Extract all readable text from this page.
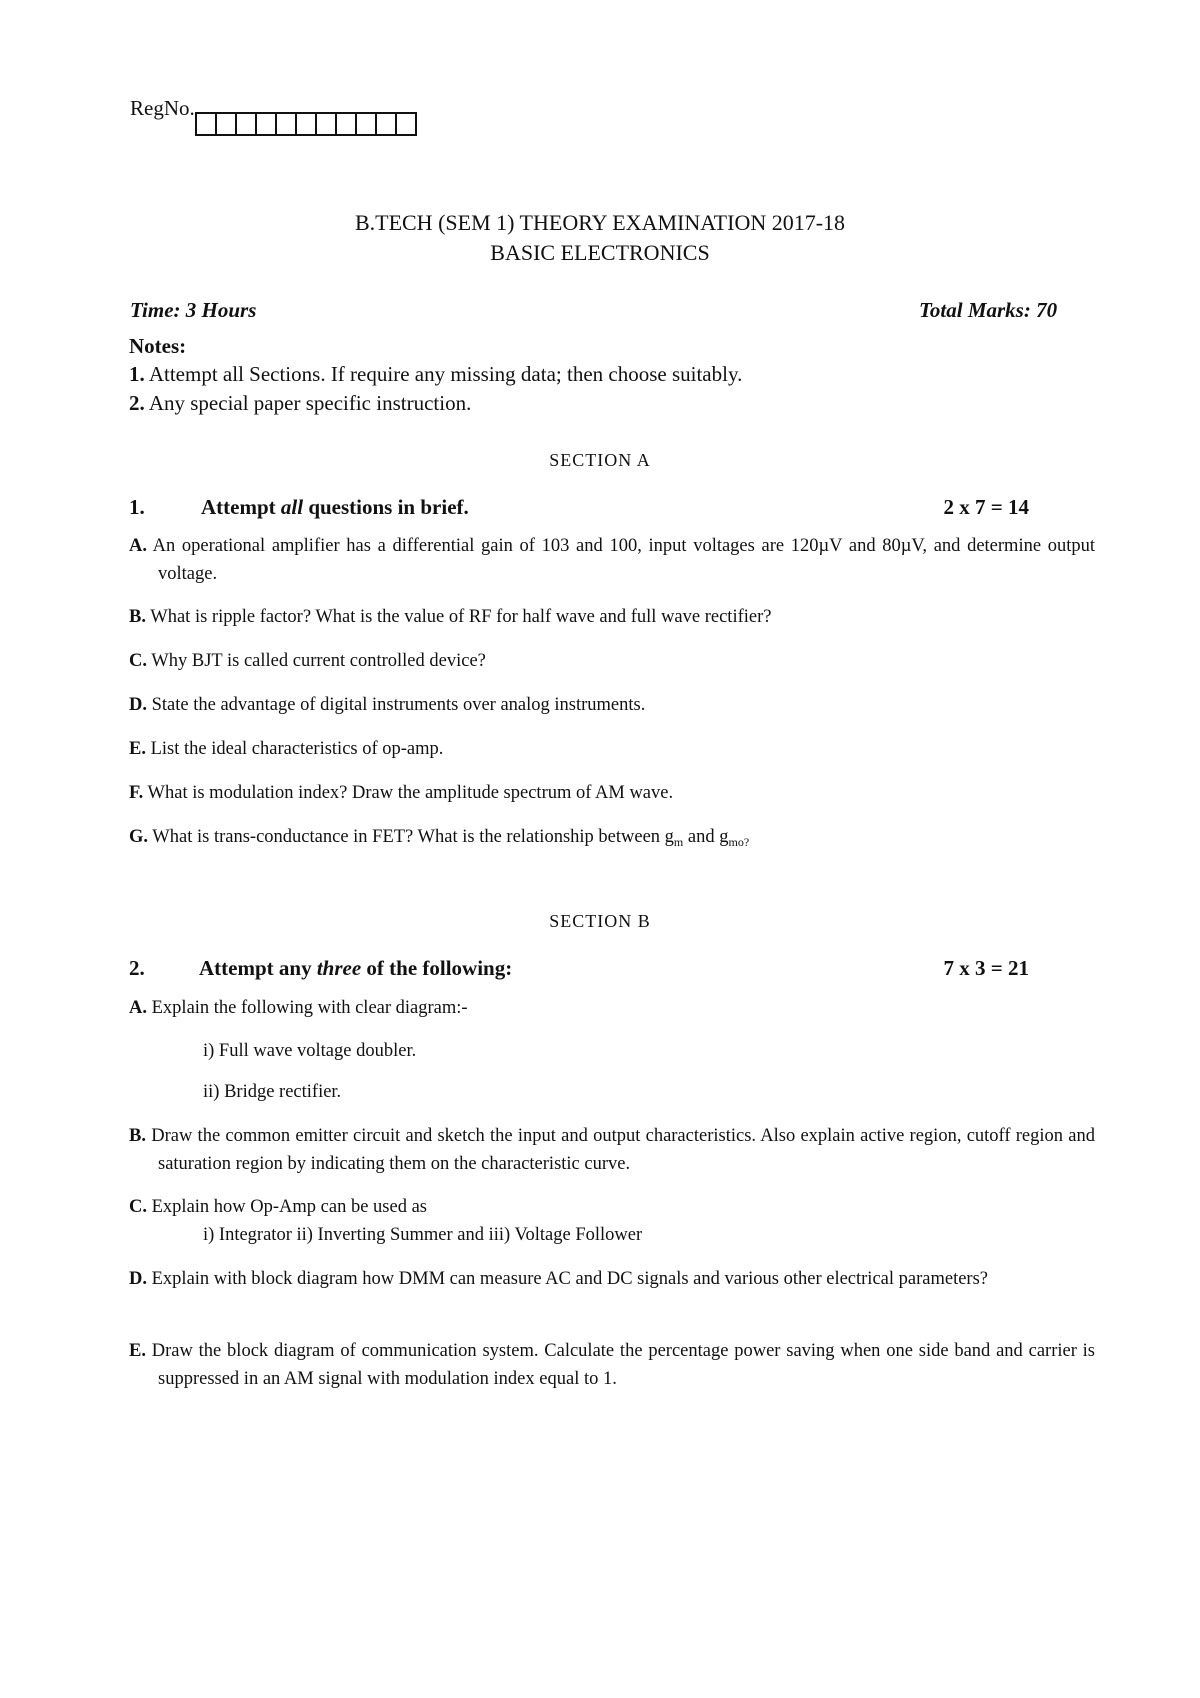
RegNo.
B.TECH (SEM 1) THEORY EXAMINATION 2017-18
BASIC ELECTRONICS
Time: 3 Hours	Total Marks: 70
Notes:
1. Attempt all Sections. If require any missing data; then choose suitably.
2. Any special paper specific instruction.
SECTION A
1.	Attempt all questions in brief.	2 x 7 = 14
A. An operational amplifier has a differential gain of 103 and 100, input voltages are 120µV and 80µV, and determine output voltage.
B. What is ripple factor? What is the value of RF for half wave and full wave rectifier?
C. Why BJT is called current controlled device?
D. State the advantage of digital instruments over analog instruments.
E. List the ideal characteristics of op-amp.
F. What is modulation index? Draw the amplitude spectrum of AM wave.
G. What is trans-conductance in FET? What is the relationship between $g_m$ and $g_{mo?}$
SECTION B
2.	Attempt any three of the following:	7 x 3 = 21
A. Explain the following with clear diagram:-
i) Full wave voltage doubler.
ii) Bridge rectifier.
B. Draw the common emitter circuit and sketch the input and output characteristics. Also explain active region, cutoff region and saturation region by indicating them on the characteristic curve.
C. Explain how Op-Amp can be used as
i) Integrator ii) Inverting Summer and iii) Voltage Follower
D. Explain with block diagram how DMM can measure AC and DC signals and various other electrical parameters?
E. Draw the block diagram of communication system. Calculate the percentage power saving when one side band and carrier is suppressed in an AM signal with modulation index equal to 1.
